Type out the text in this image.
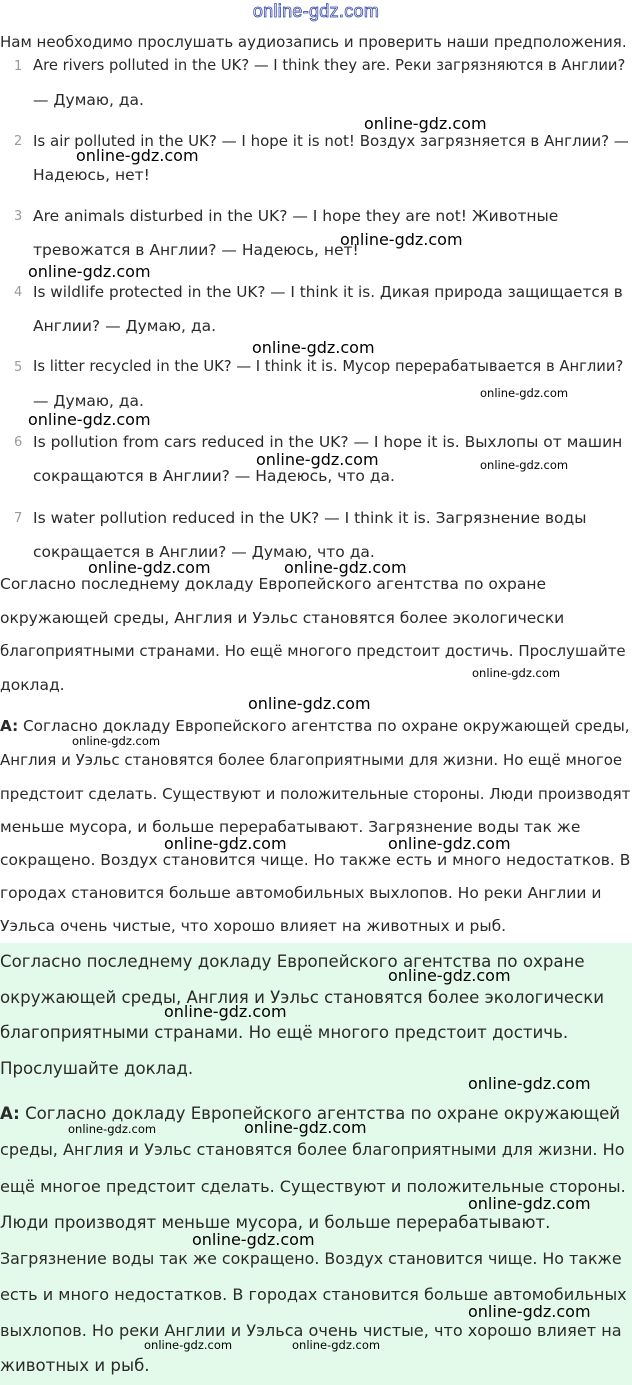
online-gdz.com
Нам необходимо прослушать аудиозапись и проверить наши предположения.
1 Are rivers polluted in the UK? — I think they are. Реки загрязняются в Англии?
— Думаю, да.
2 Is air polluted in the UK? — I hope it is not! Воздух загрязняется в Англии? —
Надеюсь, нет!
3 Are animals disturbed in the UK? — I hope they are not! Животные
тревожатся в Англии? — Надеюсь, нет!
4 Is wildlife protected in the UK? — I think it is. Дикая природа защищается в
Англии? — Думаю, да.
5 Is litter recycled in the UK? — I think it is. Мусор перерабатывается в Англии?
— Думаю, да.
6 Is pollution from cars reduced in the UK? — I hope it is. Выхлопы от машин
сокращаются в Англии? — Надеюсь, что да.
7 Is water pollution reduced in the UK? — I think it is. Загрязнение воды
сокращается в Англии? — Думаю, что да.
Согласно последнему докладу Европейского агентства по охране
окружающей среды, Англия и Уэльс становятся более экологически
благоприятными странами. Но ещё многого предстоит достичь. Прослушайте
доклад.
A: Согласно докладу Европейского агентства по охране окружающей среды,
Англия и Уэльс становятся более благоприятными для жизни. Но ещё многое
предстоит сделать. Существуют и положительные стороны. Люди производят
меньше мусора, и больше перерабатывают. Загрязнение воды так же
сокращено. Воздух становится чище. Но также есть и много недостатков. В
городах становится больше автомобильных выхлопов. Но реки Англии и
Уэльса очень чистые, что хорошо влияет на животных и рыб.
Согласно последнему докладу Европейского агентства по охране
окружающей среды, Англия и Уэльс становятся более экологически
благоприятными странами. Но ещё многого предстоит достичь.
Прослушайте доклад.
A: Согласно докладу Европейского агентства по охране окружающей
среды, Англия и Уэльс становятся более благоприятными для жизни. Но
ещё многое предстоит сделать. Существуют и положительные стороны.
Люди производят меньше мусора, и больше перерабатывают.
Загрязнение воды так же сокращено. Воздух становится чище. Но также
есть и много недостатков. В городах становится больше автомобильных
выхлопов. Но реки Англии и Уэльса очень чистые, что хорошо влияет на
животных и рыб.
online-gdz.com
online-gdz.com
online-gdz.com
online-gdz.com
online-gdz.com
online-gdz.com
online-gdz.com
online-gdz.com	online-gdz.com
online-gdz.com	online-gdz.com
online-gdz.com
online-gdz.com
online-gdz.com
online-gdz.com	online-gdz.com
online-gdz.com
online-gdz.com
online-gdz.com
online-gdz.com
online-gdz.com
online-gdz.com
online-gdz.com
online-gdz.com
online-gdz.com	online-gdz.com
